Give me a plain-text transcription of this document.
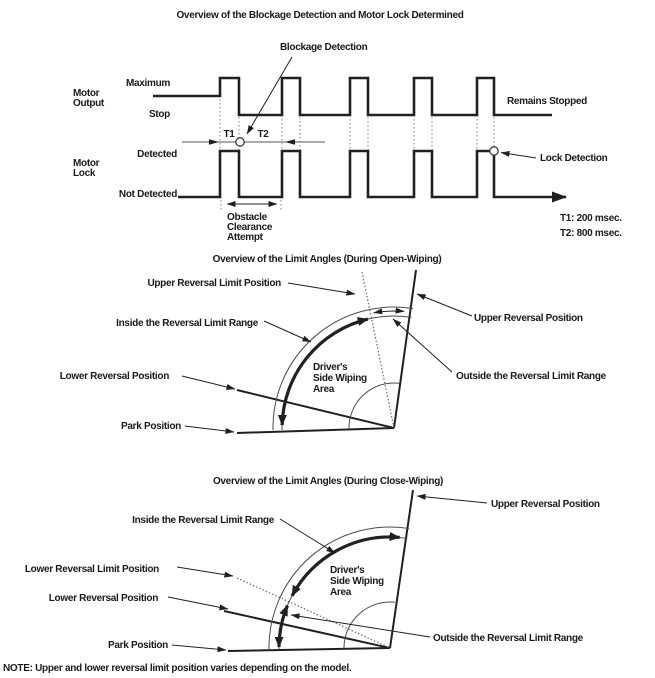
Overview of the Blockage Detection and Motor Lock Determined
T1 T2
Blockage Detection
Lock Detection
Obstacle
Clearance
Attempt
Motor
Output
Maximum
Stop
Remains Stopped
Motor
Lock
Detected
Not Detected
T1: 200 msec.
T2: 800 msec.
Overview of the Limit Angles (During Open-Wiping)
Upper Reversal Limit Position
Inside the Reversal Limit Range
Lower Reversal Position
Park Position
Upper Reversal Position
Outside the Reversal Limit Range
Driver's
Side Wiping
Area
Overview of the Limit Angles (During Close-Wiping)
Upper Reversal Position
Inside the Reversal Limit Range
Lower Reversal Limit Position
Lower Reversal Position
Park Position
Outside the Reversal Limit Range
Driver's
Side Wiping
Area
NOTE: Upper and lower reversal limit position varies depending on the model.
